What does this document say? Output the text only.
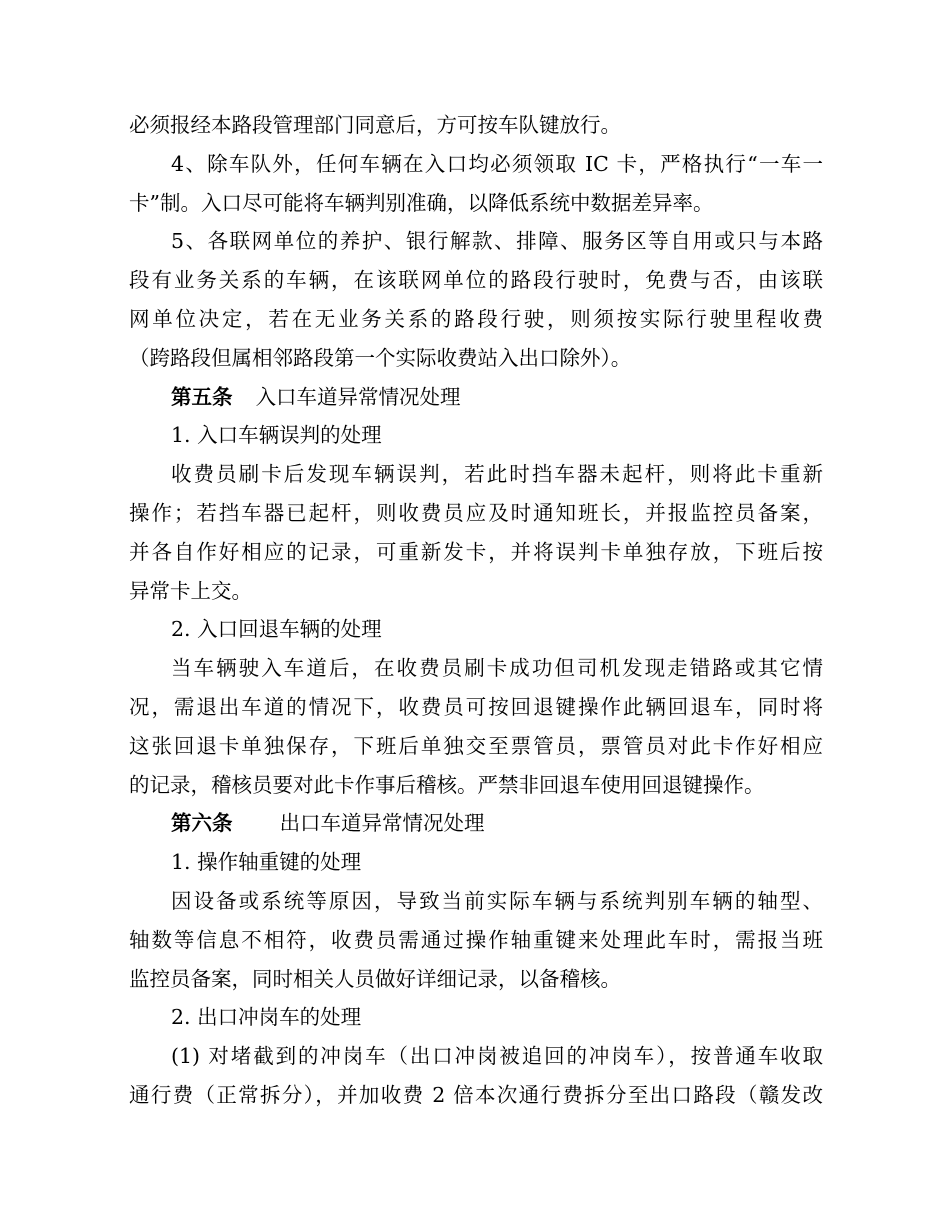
必须报经本路段管理部门同意后，方可按车队键放行。
4、除车队外，任何车辆在入口均必须领取 IC 卡，严格执行“一车一
卡”制。入口尽可能将车辆判别准确，以降低系统中数据差异率。
5、各联网单位的养护、银行解款、排障、服务区等自用或只与本路
段有业务关系的车辆，在该联网单位的路段行驶时，免费与否，由该联
网单位决定，若在无业务关系的路段行驶，则须按实际行驶里程收费
（跨路段但属相邻路段第一个实际收费站入出口除外）。
第五条 入口车道异常情况处理
1. 入口车辆误判的处理
收费员刷卡后发现车辆误判，若此时挡车器未起杆，则将此卡重新
操作；若挡车器已起杆，则收费员应及时通知班长，并报监控员备案，
并各自作好相应的记录，可重新发卡，并将误判卡单独存放，下班后按
异常卡上交。
2. 入口回退车辆的处理
当车辆驶入车道后，在收费员刷卡成功但司机发现走错路或其它情
况，需退出车道的情况下，收费员可按回退键操作此辆回退车，同时将
这张回退卡单独保存，下班后单独交至票管员，票管员对此卡作好相应
的记录，稽核员要对此卡作事后稽核。严禁非回退车使用回退键操作。
第六条 出口车道异常情况处理
1. 操作轴重键的处理
因设备或系统等原因，导致当前实际车辆与系统判别车辆的轴型、
轴数等信息不相符，收费员需通过操作轴重键来处理此车时，需报当班
监控员备案，同时相关人员做好详细记录，以备稽核。
2. 出口冲岗车的处理
(1) 对堵截到的冲岗车（出口冲岗被追回的冲岗车），按普通车收取
通行费（正常拆分），并加收费 2 倍本次通行费拆分至出口路段（赣发改
